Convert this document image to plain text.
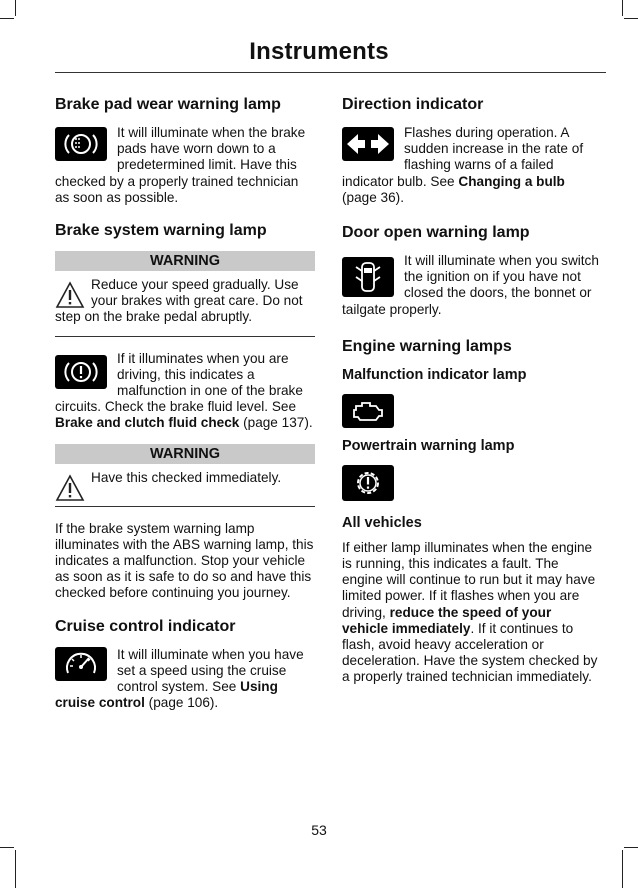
Instruments
Brake pad wear warning lamp

It will illuminate when the brake pads have worn down to a predetermined limit. Have this checked by a properly trained technician as soon as possible.

Brake system warning lamp
WARNING

Reduce your speed gradually. Use your brakes with great care. Do not step on the brake pedal abruptly.

If it illuminates when you are driving, this indicates a malfunction in one of the brake circuits. Check the brake fluid level. See Brake and clutch fluid check (page 137).

WARNING

Have this checked immediately.

If the brake system warning lamp illuminates with the ABS warning lamp, this indicates a malfunction. Stop your vehicle as soon as it is safe to do so and have this checked before continuing you journey.

Cruise control indicator

It will illuminate when you have set a speed using the cruise control system. See Using cruise control (page 106).

Direction indicator

Flashes during operation. A sudden increase in the rate of flashing warns of a failed indicator bulb. See Changing a bulb (page 36).

Door open warning lamp

It will illuminate when you switch the ignition on if you have not closed the doors, the bonnet or tailgate properly.

Engine warning lamps
Malfunction indicator lamp
Powertrain warning lamp
All vehicles

If either lamp illuminates when the engine is running, this indicates a fault. The engine will continue to run but it may have limited power. If it flashes when you are driving, reduce the speed of your vehicle immediately. If it continues to flash, avoid heavy acceleration or deceleration. Have the system checked by a properly trained technician immediately.

53
